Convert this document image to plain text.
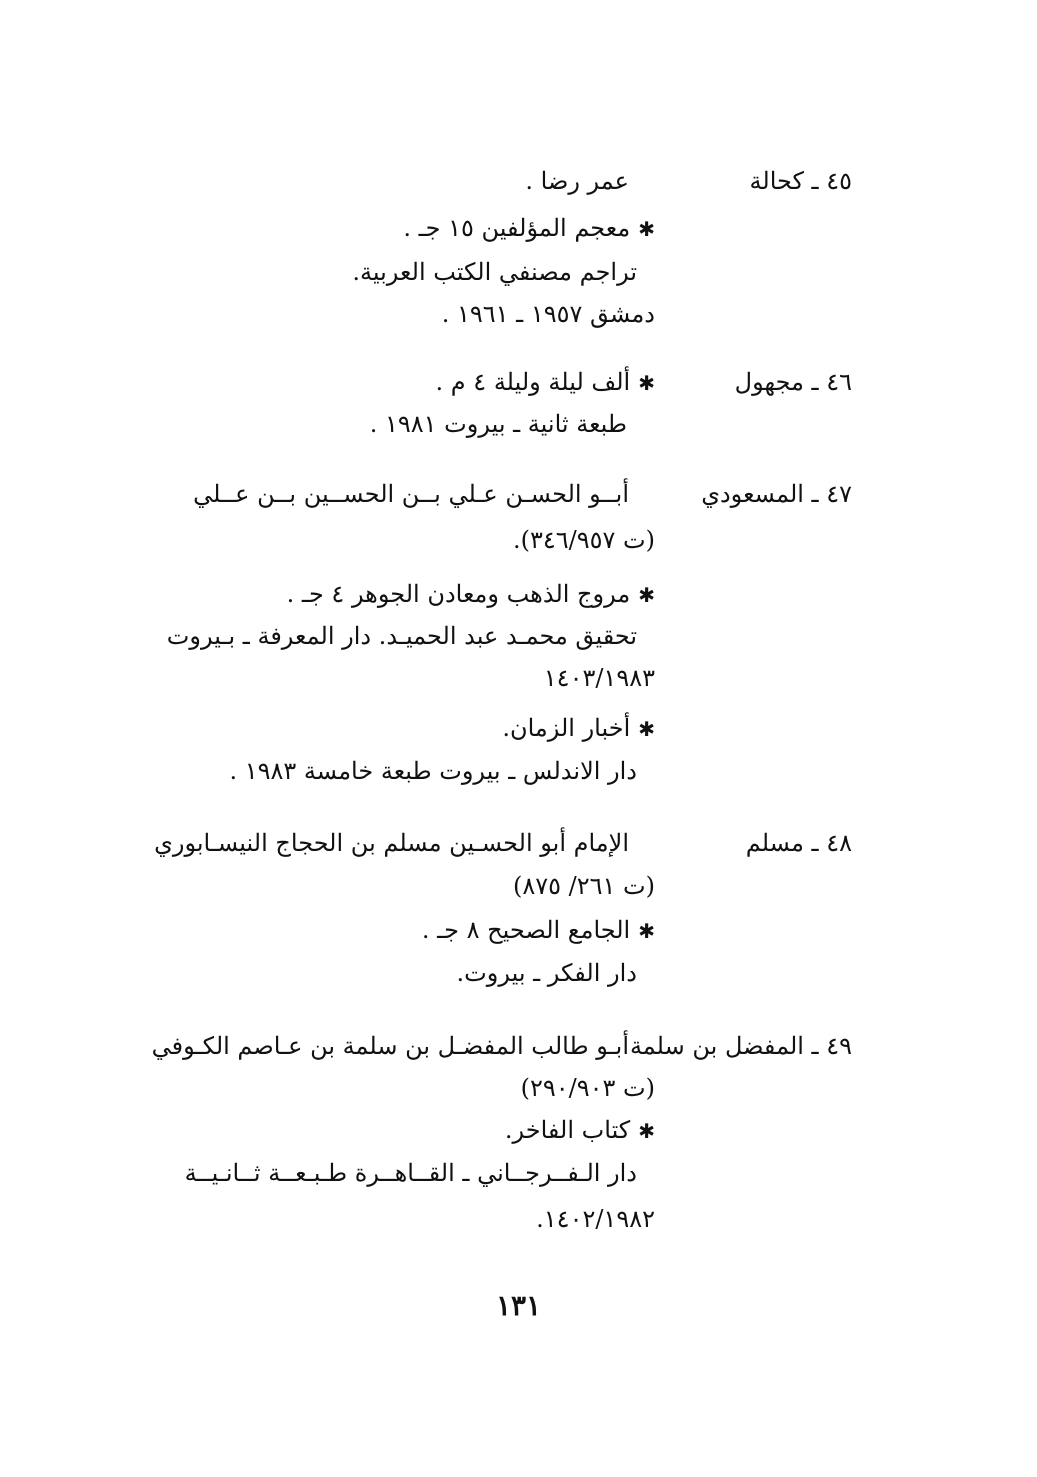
٤٥ ـ كحالة
عمر رضا .
✱معجم المؤلفين ١٥ جـ .
تراجم مصنفي الكتب العربية.
دمشق ١٩٥٧ ـ ١٩٦١ .
٤٦ ـ مجهول
✱ألف ليلة وليلة ٤ م .
طبعة ثانية ـ بيروت ١٩٨١ .
٤٧ ـ المسعودي
أبــو الحسـن عـلي بــن الحســين بــن عــلي
(ت ٣٤٦/٩٥٧).
✱مروج الذهب ومعادن الجوهر ٤ جـ .
تحقيق محمـد عبد الحميـد. دار المعرفة ـ بـيروت
١٤٠٣/١٩٨٣
✱أخبار الزمان.
دار الاندلس ـ بيروت طبعة خامسة ١٩٨٣ .
٤٨ ـ مسلم
الإمام أبو الحسـين مسلم بن الحجاج النيسـابوري
(ت ٢٦١/ ٨٧٥)
✱الجامع الصحيح ٨ جـ .
دار الفكر ـ بيروت.
٤٩ ـ المفضل بن سلمة
أبـو طالب المفضـل بن سلمة بن عـاصم الكـوفي
(ت ٢٩٠/٩٠٣)
✱كتاب الفاخر.
دار الـفــرجــاني ـ القــاهــرة طـبـعــة ثــانـيــة
١٤٠٢/١٩٨٢.
١٣١
